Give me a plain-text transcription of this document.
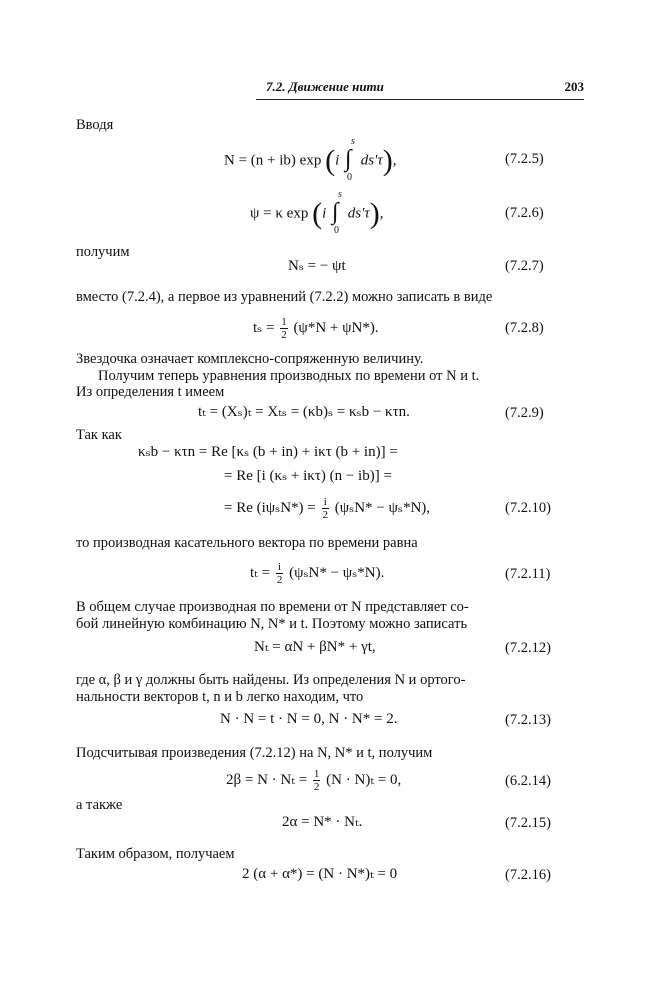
7.2. Движение нити	203
Вводя
N = (n + ib) exp (i ∫
s
0
ds′τ),	(7.2.5)
ψ = κ exp (i ∫
s
0
ds′τ),	(7.2.6)
получим
Nₛ = − ψt	(7.2.7)
вместо (7.2.4), а первое из уравнений (7.2.2) можно записать в виде
$t_s = \frac{1}{2} (\psi*N + \psi N*)$.	(7.2.8)
Звездочка означает комплексно-сопряженную величину.
Получим теперь уравнения производных по времени от N и t.
Из определения t имеем
tₜ = (Xₛ)ₜ = Xₜₛ = (κb)ₛ = κₛb − κτn.	(7.2.9)
Так как
κₛb − κτn = Re [κₛ (b + in) + iκτ (b + in)] =
= Re [i (κₛ + iκτ) (n − ib)] =
= Re $(i\psi_sN*) = \frac{i}{2} (\psi_sN* - \psi_s*N)$,	(7.2.10)
то производная касательного вектора по времени равна
$t_t = \frac{i}{2} (\psi_sN* - \psi_s*N)$.	(7.2.11)
В общем случае производная по времени от N представляет со-
бой линейную комбинацию N, N* и t. Поэтому можно записать
Nₜ = αN + βN* + γt,	(7.2.12)
где α, β и γ должны быть найдены. Из определения N и ортого-
нальности векторов t, n и b легко находим, что
N · N = t · N = 0, N · N* = 2.	(7.2.13)
Подсчитывая произведения (7.2.12) на N, N* и t, получим
$2\beta = N \cdot N_t = \frac{1}{2} (N \cdot N)_t = 0$,	(6.2.14)
а также
2α = N* · Nₜ.	(7.2.15)
Таким образом, получаем
2 (α + α*) = (N · N*)ₜ = 0	(7.2.16)
